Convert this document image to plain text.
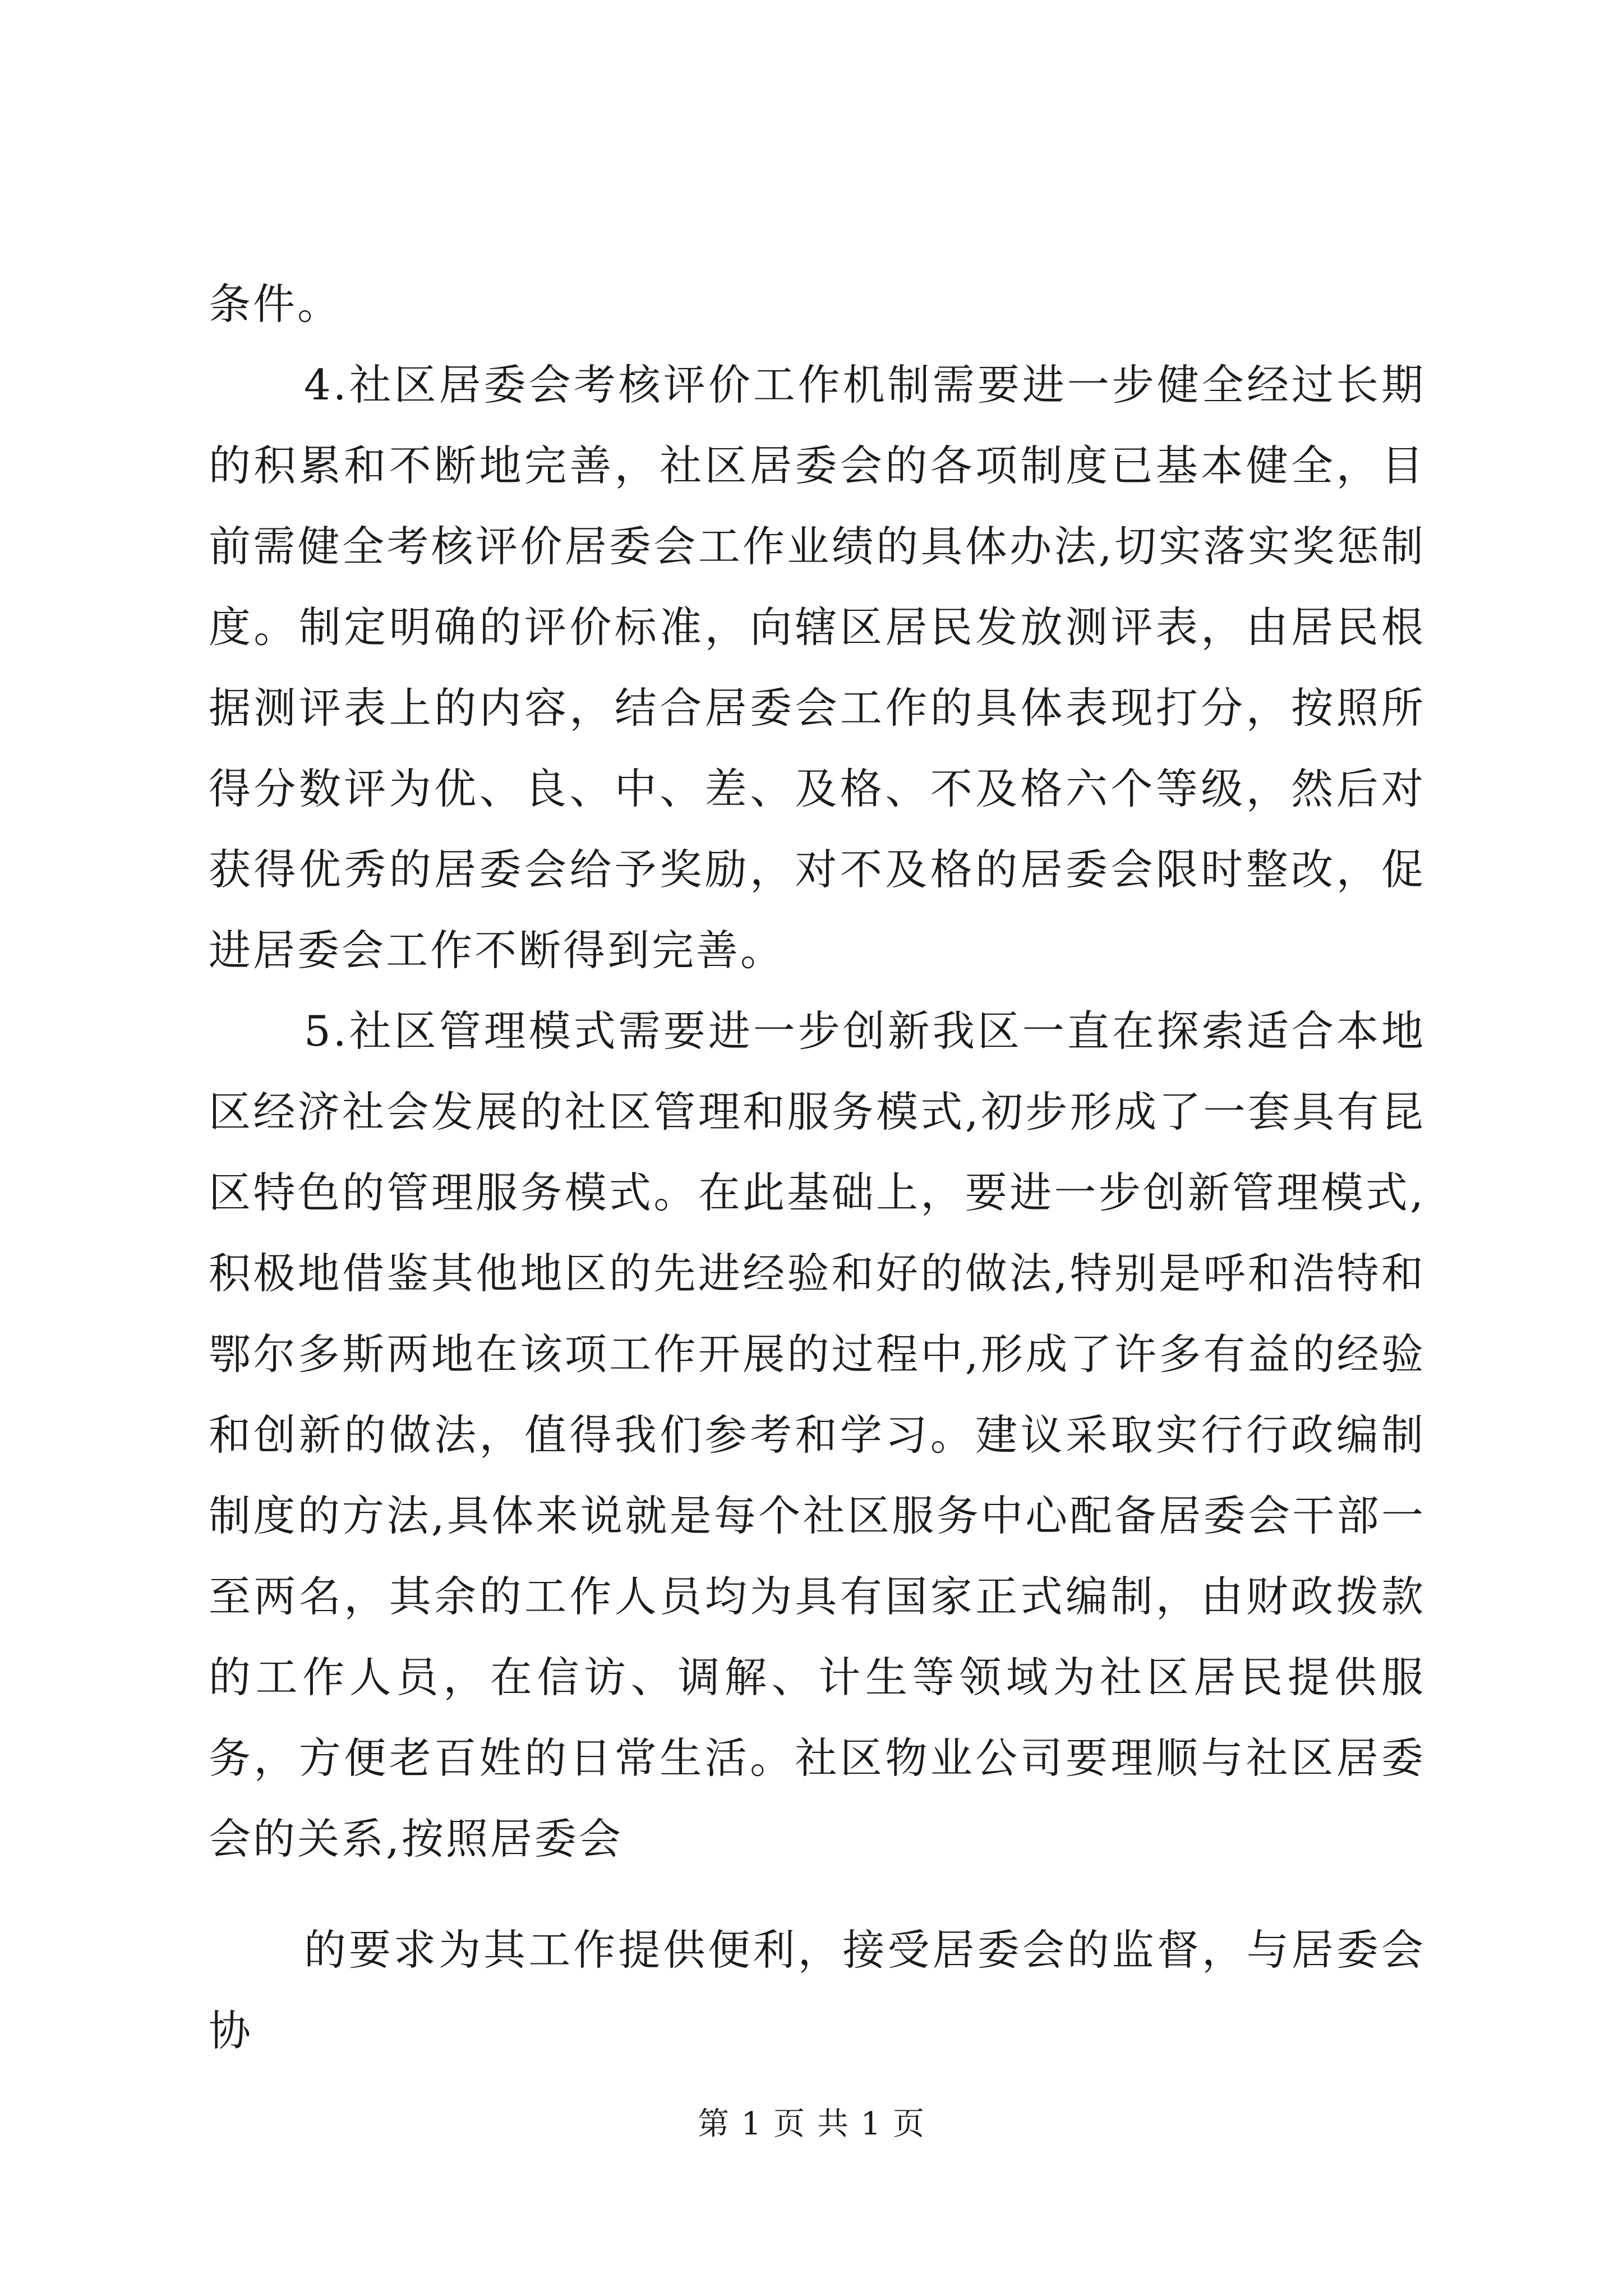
条件。

4.社区居委会考核评价工作机制需要进一步健全经过长期的积累和不断地完善，社区居委会的各项制度已基本健全，目前需健全考核评价居委会工作业绩的具体办法,切实落实奖惩制度。制定明确的评价标准，向辖区居民发放测评表，由居民根据测评表上的内容，结合居委会工作的具体表现打分，按照所得分数评为优、良、中、差、及格、不及格六个等级，然后对获得优秀的居委会给予奖励，对不及格的居委会限时整改，促进居委会工作不断得到完善。

5.社区管理模式需要进一步创新我区一直在探索适合本地区经济社会发展的社区管理和服务模式,初步形成了一套具有昆区特色的管理服务模式。在此基础上，要进一步创新管理模式,积极地借鉴其他地区的先进经验和好的做法,特别是呼和浩特和鄂尔多斯两地在该项工作开展的过程中,形成了许多有益的经验和创新的做法，值得我们参考和学习。建议采取实行行政编制制度的方法,具体来说就是每个社区服务中心配备居委会干部一至两名，其余的工作人员均为具有国家正式编制，由财政拨款的工作人员，在信访、调解、计生等领域为社区居民提供服务，方便老百姓的日常生活。社区物业公司要理顺与社区居委会的关系,按照居委会

的要求为其工作提供便利，接受居委会的监督，与居委会协

第 1 页 共 1 页
